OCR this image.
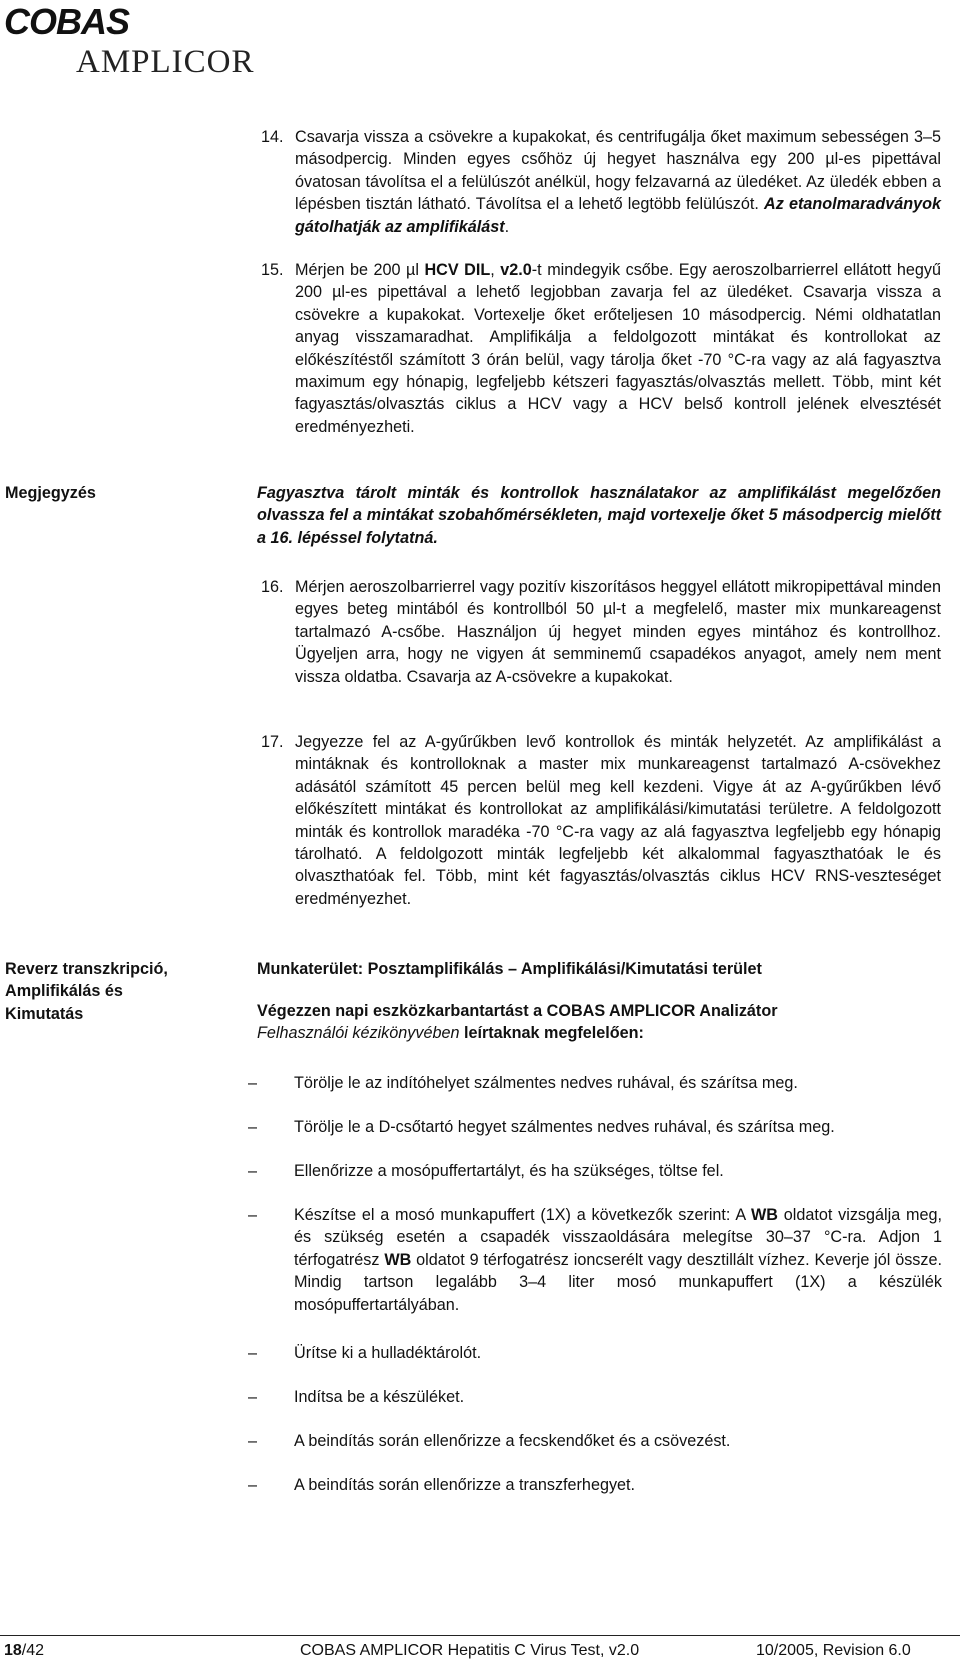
COBAS
AMPLICOR
14. Csavarja vissza a csövekre a kupakokat, és centrifugálja őket maximum sebességen 3–5 másodpercig. Minden egyes csőhöz új hegyet használva egy 200 µl-es pipettával óvatosan távolítsa el a felülúszót anélkül, hogy felzavarná az üledéket. Az üledék ebben a lépésben tisztán látható. Távolítsa el a lehető legtöbb felülúszót. Az etanolmaradványok gátolhatják az amplifikálást.
15. Mérjen be 200 µl HCV DIL, v2.0-t mindegyik csőbe. Egy aeroszolbarrierrel ellátott hegyű 200 µl-es pipettával a lehető legjobban zavarja fel az üledéket. Csavarja vissza a csövekre a kupakokat. Vortexelje őket erőteljesen 10 másodpercig. Némi oldhatatlan anyag visszamaradhat. Amplifikálja a feldolgozott mintákat és kontrollokat az előkészítéstől számított 3 órán belül, vagy tárolja őket -70 °C-ra vagy az alá fagyasztva maximum egy hónapig, legfeljebb kétszeri fagyasztás/olvasztás mellett. Több, mint két fagyasztás/olvasztás ciklus a HCV vagy a HCV belső kontroll jelének elvesztését eredményezheti.
Megjegyzés	Fagyasztva tárolt minták és kontrollok használatakor az amplifikálást megelőzően olvassza fel a mintákat szobahőmérsékleten, majd vortexelje őket 5 másodpercig mielőtt a 16. lépéssel folytatná.
16. Mérjen aeroszolbarrierrel vagy pozitív kiszorításos heggyel ellátott mikropipettával minden egyes beteg mintából és kontrollból 50 µl-t a megfelelő, master mix munkareagenst tartalmazó A-csőbe. Használjon új hegyet minden egyes mintához és kontrollhoz. Ügyeljen arra, hogy ne vigyen át semminemű csapadékos anyagot, amely nem ment vissza oldatba. Csavarja az A-csövekre a kupakokat.
17. Jegyezze fel az A-gyűrűkben levő kontrollok és minták helyzetét. Az amplifikálást a mintáknak és kontrolloknak a master mix munkareagenst tartalmazó A-csövekhez adásától számított 45 percen belül meg kell kezdeni. Vigye át az A-gyűrűkben lévő előkészített mintákat és kontrollokat az amplifikálási/kimutatási területre. A feldolgozott minták és kontrollok maradéka -70 °C-ra vagy az alá fagyasztva legfeljebb egy hónapig tárolható. A feldolgozott minták legfeljebb két alkalommal fagyaszthatóak le és olvaszthatóak fel. Több, mint két fagyasztás/olvasztás ciklus HCV RNS-veszteséget eredményezhet.
Reverz transzkripció,
Amplifikálás és
Kimutatás
Munkaterület: Posztamplifikálás – Amplifikálási/Kimutatási terület
Végezzen napi eszközkarbantartást a COBAS AMPLICOR Analizátor
Felhasználói kézikönyvében leírtaknak megfelelően:
– Törölje le az indítóhelyet szálmentes nedves ruhával, és szárítsa meg.
– Törölje le a D-csőtartó hegyet szálmentes nedves ruhával, és szárítsa meg.
– Ellenőrizze a mosópuffertartályt, és ha szükséges, töltse fel.
– Készítse el a mosó munkapuffert (1X) a következők szerint: A WB oldatot vizsgálja meg, és szükség esetén a csapadék visszaoldására melegítse 30–37 °C-ra. Adjon 1 térfogatrész WB oldatot 9 térfogatrész ioncserélt vagy desztillált vízhez. Keverje jól össze. Mindig tartson legalább 3–4 liter mosó munkapuffert (1X) a készülék mosópuffertartályában.
– Ürítse ki a hulladéktárolót.
– Indítsa be a készüléket.
– A beindítás során ellenőrizze a fecskendőket és a csövezést.
– A beindítás során ellenőrizze a transzferhegyet.
18/42	COBAS AMPLICOR Hepatitis C Virus Test, v2.0	10/2005, Revision 6.0
